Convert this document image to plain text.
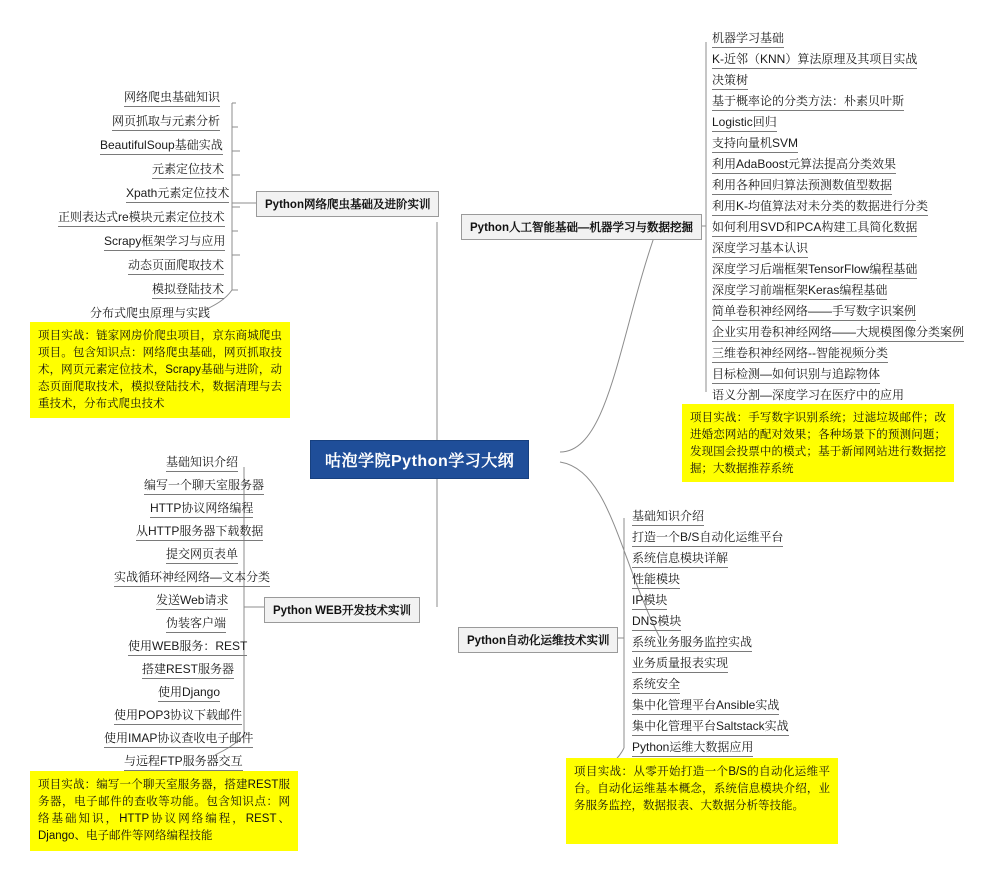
咕泡学院Python学习大纲
Python网络爬虫基础及进阶实训
网络爬虫基础知识
网页抓取与元素分析
BeautifulSoup基础实战
元素定位技术
Xpath元素定位技术
正则表达式re模块元素定位技术
Scrapy框架学习与应用
动态页面爬取技术
模拟登陆技术
分布式爬虫原理与实践
项目实战：链家网房价爬虫项目，京东商城爬虫项目。包含知识点：网络爬虫基础，网页抓取技术，网页元素定位技术，Scrapy基础与进阶，动态页面爬取技术，模拟登陆技术，数据清理与去重技术，分布式爬虫技术
Python人工智能基础—机器学习与数据挖掘
机器学习基础
K-近邻（KNN）算法原理及其项目实战
决策树
基于概率论的分类方法：朴素贝叶斯
Logistic回归
支持向量机SVM
利用AdaBoost元算法提高分类效果
利用各种回归算法预测数值型数据
利用K-均值算法对未分类的数据进行分类
如何利用SVD和PCA构建工具简化数据
深度学习基本认识
深度学习后端框架TensorFlow编程基础
深度学习前端框架Keras编程基础
简单卷积神经网络——手写数字识案例
企业实用卷积神经网络——大规模图像分类案例
三维卷积神经网络--智能视频分类
目标检测—如何识别与追踪物体
语义分割—深度学习在医疗中的应用
项目实战：手写数字识别系统；过滤垃圾邮件；改进婚恋网站的配对效果；各种场景下的预测问题；发现国会投票中的模式；基于新闻网站进行数据挖掘；大数据推荐系统
Python WEB开发技术实训
基础知识介绍
编写一个聊天室服务器
HTTP协议网络编程
从HTTP服务器下载数据
提交网页表单
实战循环神经网络—文本分类
发送Web请求
伪装客户端
使用WEB服务：REST
搭建REST服务器
使用Django
使用POP3协议下载邮件
使用IMAP协议查收电子邮件
与远程FTP服务器交互
项目实战：编写一个聊天室服务器，搭建REST服务器，电子邮件的查收等功能。包含知识点：网络基础知识，HTTP协议网络编程，REST、Django、电子邮件等网络编程技能
Python自动化运维技术实训
基础知识介绍
打造一个B/S自动化运维平台
系统信息模块详解
性能模块
IP模块
DNS模块
系统业务服务监控实战
业务质量报表实现
系统安全
集中化管理平台Ansible实战
集中化管理平台Saltstack实战
Python运维大数据应用
项目实战：从零开始打造一个B/S的自动化运维平台。自动化运维基本概念，系统信息模块介绍，业务服务监控，数据报表、大数据分析等技能。
